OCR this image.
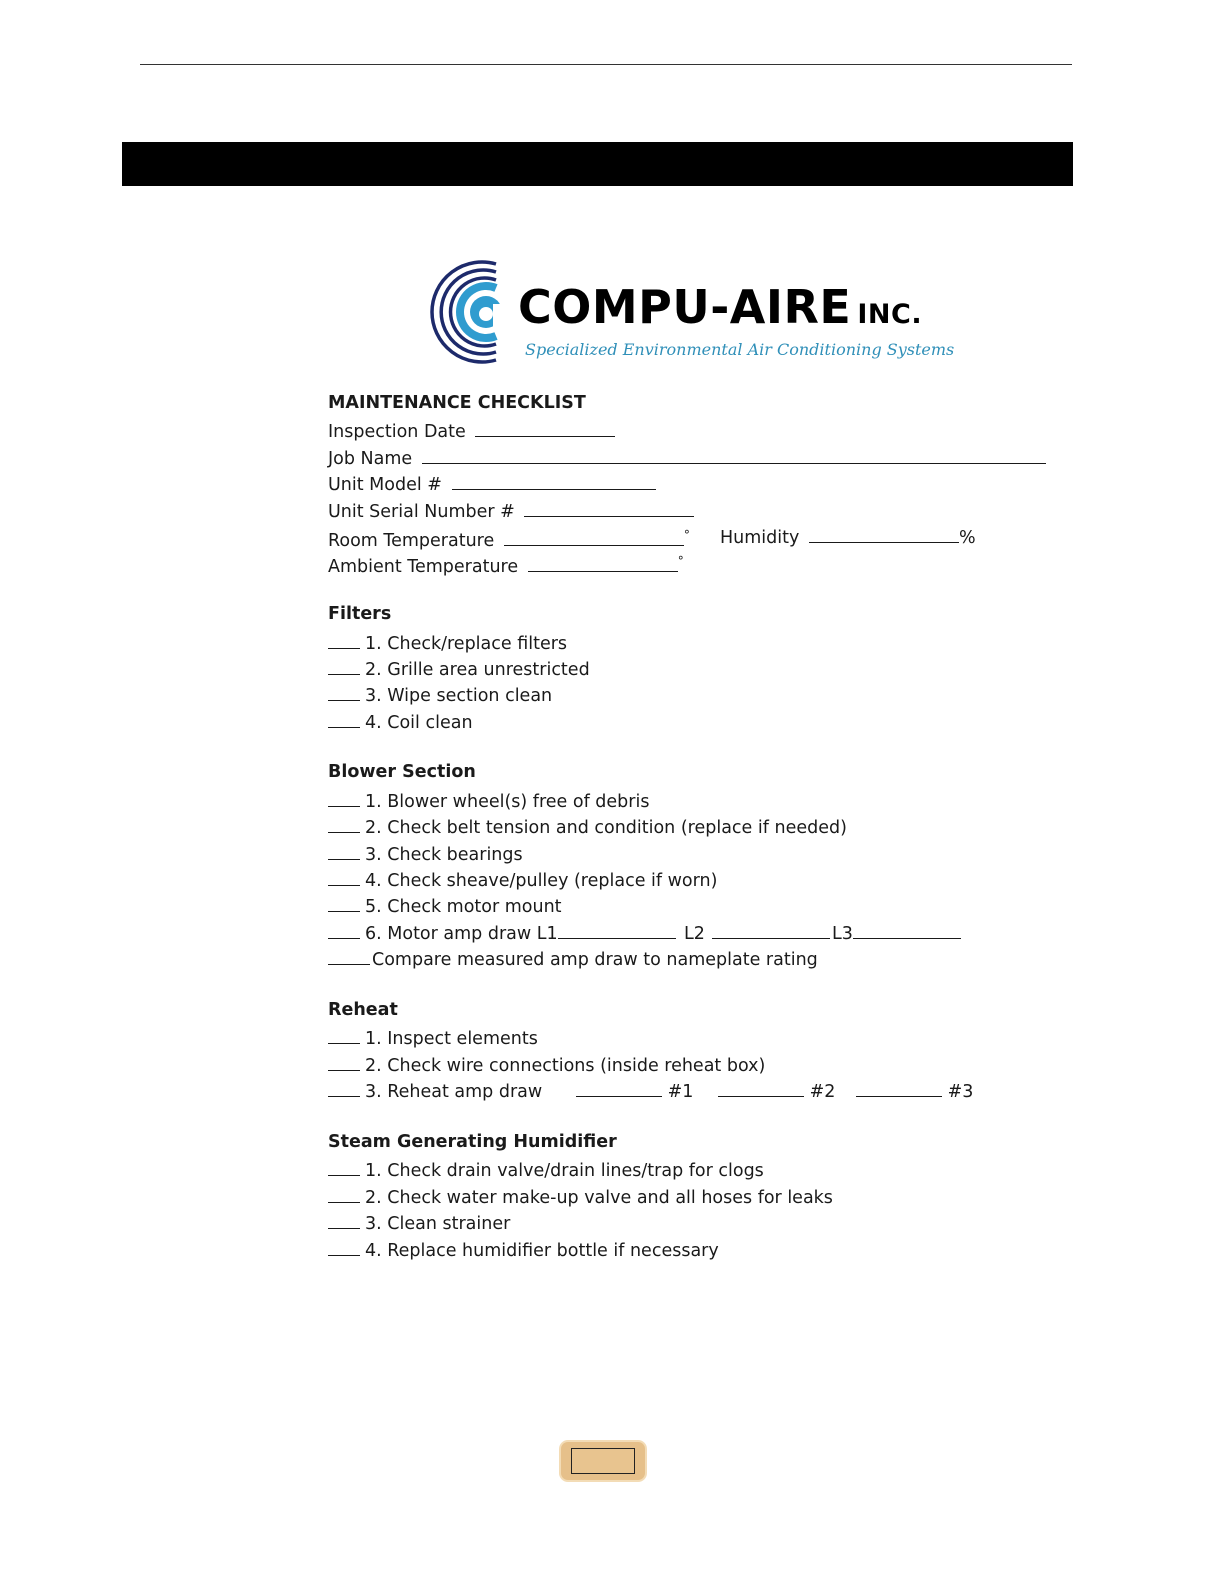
COMPU-AIRE INC.
Specialized Environmental Air Conditioning Systems
MAINTENANCE CHECKLIST
Inspection Date
Job Name
Unit Model #
Unit Serial Number #
Room Temperature	° Humidity	%
Ambient Temperature	°
Filters
1. Check/replace filters
2. Grille area unrestricted
3. Wipe section clean
4. Coil clean
Blower Section
1. Blower wheel(s) free of debris
2. Check belt tension and condition (replace if needed)
3. Check bearings
4. Check sheave/pulley (replace if worn)
5. Check motor mount
6. Motor amp draw L1	L2	L3
Compare measured amp draw to nameplate rating
Reheat
1. Inspect elements
2. Check wire connections (inside reheat box)
3. Reheat amp draw	#1	#2	#3
Steam Generating Humidifier
1. Check drain valve/drain lines/trap for clogs
2. Check water make-up valve and all hoses for leaks
3. Clean strainer
4. Replace humidifier bottle if necessary
